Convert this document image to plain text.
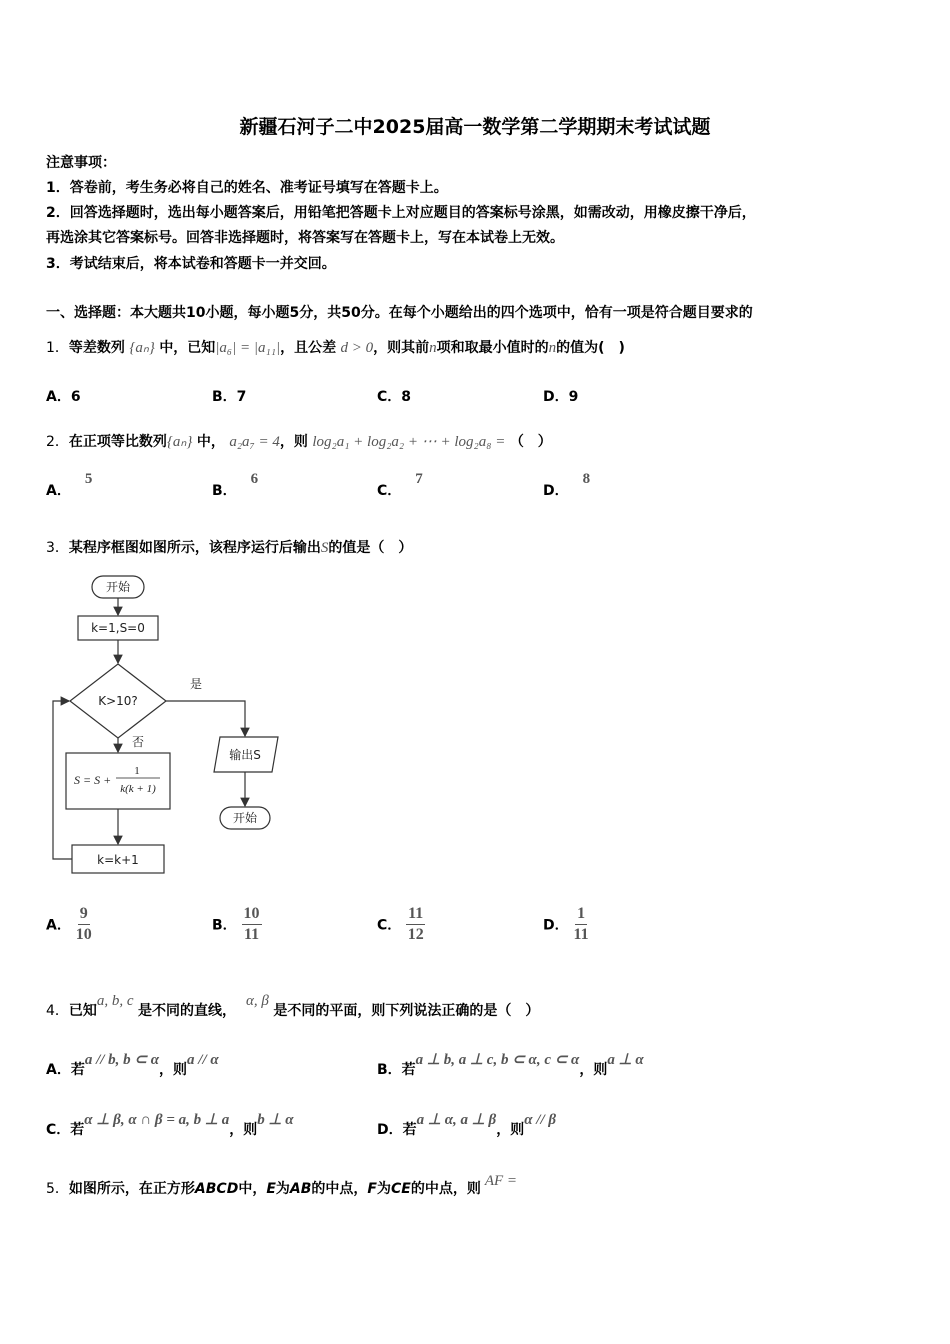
新疆石河子二中2025届高一数学第二学期期末考试试题
注意事项：
1．答卷前，考生务必将自己的姓名、准考证号填写在答题卡上。
2．回答选择题时，选出每小题答案后，用铅笔把答题卡上对应题目的答案标号涂黑，如需改动，用橡皮擦干净后，
再选涂其它答案标号。回答非选择题时，将答案写在答题卡上，写在本试卷上无效。
3．考试结束后，将本试卷和答题卡一并交回。
一、选择题：本大题共10小题，每小题5分，共50分。在每个小题给出的四个选项中，恰有一项是符合题目要求的
1．等差数列 {aₙ} 中，已知|a₆| = |a₁₁|，且公差 d > 0，则其前n项和取最小值时的n的值为(　)
A．6	B．7	C．8	D．9
2．在正项等比数列{aₙ} 中， a₂a₇ = 4，则 log₂a₁ + log₂a₂ + ⋯ + log₂a₈ = （　）
A．5
B．6
C．7
D．8
3．某程序框图如图所示，该程序运行后输出S的值是（　）
开始
k=1,S=0
K>10?
是
否
S = S +
1
k(k + 1)
k=k+1
输出S
开始
A． $\frac{9}{10}$	B． $\frac{10}{11}$	C． $\frac{11}{12}$	D． $\frac{1}{11}$
4．已知a, b, c 是不同的直线，α, β 是不同的平面，则下列说法正确的是（　）
A．若a // b, b ⊂ α，则a // α
B．若a ⊥ b, a ⊥ c, b ⊂ α, c ⊂ α，则a ⊥ α
C．若α ⊥ β, α ∩ β = a, b ⊥ a，则b ⊥ α
D．若a ⊥ α, a ⊥ β，则α // β
5．如图所示，在正方形ABCD中，E为AB的中点，F为CE的中点，则 AF =
